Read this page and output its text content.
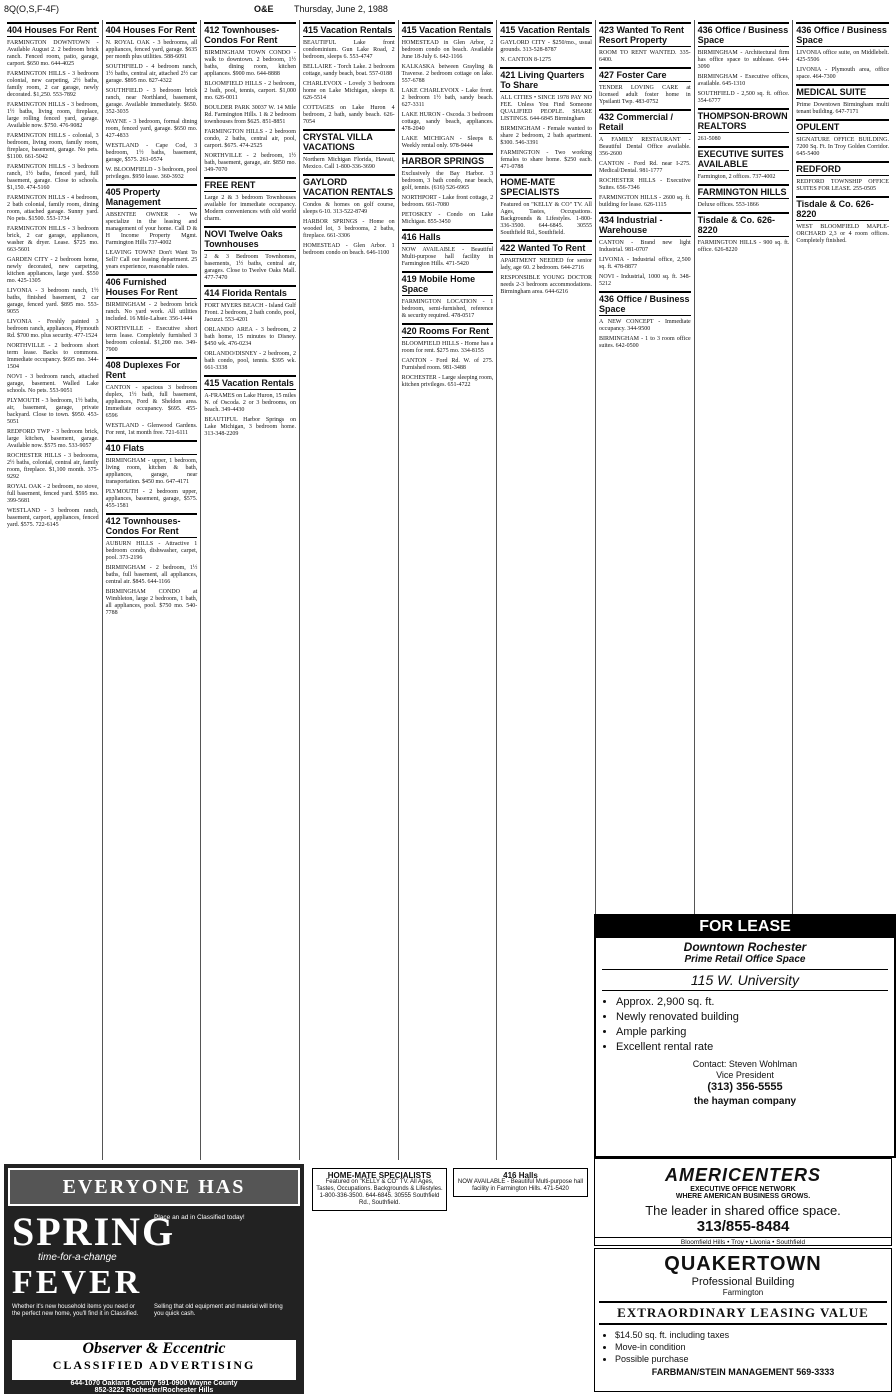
8Q(O,S,F-4F)	O&E Thursday, June 2, 1988
404 Houses For Rent
FARMINGTON DOWNTOWN - Available August 2. 2 bedroom brick ranch. Fenced room, patio, garage, carport. $650 mo. 644-4025
FARMINGTON HILLS - 3 bedroom colonial, new carpeting, 2½ baths, family room, 2 car garage, newly decorated. $1,250. 553-7892
FARMINGTON HILLS - 3 bedroom, 1½ baths, living room, fireplace, large rolling fenced yard, garage. Available now. $750. 476-9082
FARMINGTON HILLS - colonial, 3 bedroom, living room, family room, fireplace, basement, garage. No pets. $1100. 661-5042
FARMINGTON HILLS - 3 bedroom ranch, 1½ baths, fenced yard, full basement, garage. Close to schools. $1,150. 474-5160
FARMINGTON HILLS - 4 bedroom, 2 bath colonial, family room, dining room, attached garage. Sunny yard. No pets. $1500. 553-1734
FARMINGTON HILLS - 3 bedroom brick, 2 car garage, appliances, washer & dryer. Lease. $725 mo. 663-5601
GARDEN CITY - 2 bedroom home, newly decorated, new carpeting, kitchen appliances, large yard. $550 mo. 425-1305
LIVONIA - 3 bedroom ranch, 1½ baths, finished basement, 2 car garage, fenced yard. $895 mo. 553-9055
LIVONIA - Freshly painted 3 bedroom ranch, appliances, Plymouth Rd. $700 mo. plus security. 477-1524
NORTHVILLE - 2 bedroom short term lease. Backs to commons. Immediate occupancy. $695 mo. 344-1504
NOVI - 3 bedroom ranch, attached garage, basement. Walled Lake schools. No pets. 553-9051
PLYMOUTH - 3 bedroom, 1½ baths, air, basement, garage, private backyard. Close to town. $950. 453-5051
REDFORD TWP - 3 bedroom brick, large kitchen, basement, garage. Available now. $575 mo. 533-9057
ROCHESTER HILLS - 3 bedrooms, 2½ baths, colonial, central air, family room, fireplace. $1,100 month. 375-9292
ROYAL OAK - 2 bedroom, no stove, full basement, fenced yard. $595 mo. 399-5681
WESTLAND - 3 bedroom ranch, basement, carport, appliances, fenced yard. $575. 722-6145
404 Houses For Rent
N. ROYAL OAK - 3 bedrooms, all appliances, fenced yard, garage. $635 per month plus utilities. 588-6091
SOUTHFIELD - 4 bedroom ranch, 1½ baths, central air, attached 2½ car garage. $895 mo. 827-4322
SOUTHFIELD - 3 bedroom brick ranch, near Northland, basement, garage. Available immediately. $650. 352-3035
WAYNE - 3 bedroom, formal dining room, fenced yard, garage. $650 mo. 427-4833
WESTLAND - Cape Cod, 3 bedroom, 1½ baths, basement, garage, $575. 261-0574
W. BLOOMFIELD - 3 bedroom, pool privileges. $950 lease. 360-3932
405 Property Management
ABSENTEE OWNER - We specialize in the leasing and management of your home. Call D & H Income Property Mgmt. Farmington Hills 737-4002
LEAVING TOWN? Don't Want To Sell? Call our leasing department. 25 years experience, reasonable rates.
406 Furnished Houses For Rent
BIRMINGHAM - 2 bedroom brick ranch. No yard work. All utilities included. 16 Mile-Lahser. 356-1444
NORTHVILLE - Executive short term lease. Completely furnished 3 bedroom colonial. $1,200 mo. 349-7900
408 Duplexes For Rent
CANTON - spacious 3 bedroom duplex, 1½ bath, full basement, appliances, Ford & Sheldon area. Immediate occupancy. $695. 455-6596
WESTLAND - Glenwood Gardens. For rent, 1st month free. 721-6111
410 Flats
BIRMINGHAM - upper, 1 bedroom, living room, kitchen & bath, appliances, garage, near transportation. $450 mo. 647-4171
PLYMOUTH - 2 bedroom upper, appliances, basement, garage, $575. 455-1581
412 Townhouses-Condos For Rent
AUBURN HILLS - Attractive 1 bedroom condo, dishwasher, carpet, pool. 373-2196
BIRMINGHAM - 2 bedroom, 1½ baths, full basement, all appliances, central air. $845. 644-1166
BIRMINGHAM CONDO at Wimbleton, large 2 bedroom, 1 bath, all appliances, pool. $750 mo. 540-7788
412 Townhouses-Condos For Rent
BIRMINGHAM TOWN CONDO - walk to downtown. 2 bedroom, 1½ baths, dining room, kitchen appliances. $900 mo. 644-8888
BLOOMFIELD HILLS - 2 bedroom, 2 bath, pool, tennis, carport. $1,000 mo. 626-0011
BOULDER PARK 30037 W. 14 Mile Rd. Farmington Hills. 1 & 2 bedroom townhouses from $625. 851-8851
FARMINGTON HILLS - 2 bedroom condo, 2 baths, central air, pool, carport. $675. 474-2525
NORTHVILLE - 2 bedroom, 1½ bath, basement, garage, air. $850 mo. 349-7070
FREE RENT
Large 2 & 3 bedroom Townhouses available for immediate occupancy. Modern conveniences with old world charm.
NOVI Twelve Oaks Townhouses
2 & 3 Bedroom Townhomes, basements, 1½ baths, central air, garages. Close to Twelve Oaks Mall. 477-7470
414 Florida Rentals
FORT MYERS BEACH - Island Gulf Front. 2 bedroom, 2 bath condo, pool, Jacuzzi. 553-4201
ORLANDO AREA - 3 bedroom, 2 bath home, 15 minutes to Disney. $450 wk. 476-0234
ORLANDO/DISNEY - 2 bedroom, 2 bath condo, pool, tennis. $395 wk. 661-3338
415 Vacation Rentals
A-FRAMES on Lake Huron, 15 miles N. of Oscoda. 2 or 3 bedrooms, on beach. 349-4430
BEAUTIFUL Harbor Springs on Lake Michigan, 3 bedroom home. 313-348-2209
415 Vacation Rentals
BEAUTIFUL Lake front condominium. Gun Lake Road, 2 bedroom, sleeps 6. 553-4747
BELLAIRE - Torch Lake. 2 bedroom cottage, sandy beach, boat. 557-0188
CHARLEVOIX - Lovely 3 bedroom home on Lake Michigan, sleeps 8. 626-5514
COTTAGES on Lake Huron 4 bedroom, 2 bath, sandy beach. 626-7054
CRYSTAL VILLA VACATIONS
Northern Michigan Florida, Hawaii, Mexico. Call 1-800-336-3690
GAYLORD VACATION RENTALS
Condos & homes on golf course, sleeps 6-10. 313-522-8749
HARBOR SPRINGS - Home on wooded lot, 3 bedrooms, 2 baths, fireplace. 661-3306
HOMESTEAD - Glen Arbor. 1 bedroom condo on beach. 646-1100
415 Vacation Rentals
HOMESTEAD in Glen Arbor, 2 bedroom condo on beach. Available June 18-July 6. 642-1166
KALKASKA between Grayling & Traverse. 2 bedroom cottage on lake. 557-6788
LAKE CHARLEVOIX - Lake front. 2 bedroom 1½ bath, sandy beach. 627-3311
LAKE HURON - Oscoda. 3 bedroom cottage, sandy beach, appliances. 478-2040
LAKE MICHIGAN - Sleeps 8. Weekly rental only. 978-9444
HARBOR SPRINGS
Exclusively the Bay Harbor. 3 bedroom, 3 bath condo, near beach, golf, tennis. (616) 526-6965
NORTHPORT - Lake front cottage, 2 bedroom. 661-7080
PETOSKEY - Condo on Lake Michigan. 855-3450
416 Halls
NOW AVAILABLE - Beautiful Multi-purpose hall facility in Farmington Hills. 471-5420
419 Mobile Home Space
FARMINGTON LOCATION - 1 bedroom, semi-furnished, reference & security required. 478-0517
420 Rooms For Rent
BLOOMFIELD HILLS - Home has a room for rent. $275 mo. 334-8155
CANTON - Ford Rd. W. of 275. Furnished room. 981-3488
ROCHESTER - Large sleeping room, kitchen privileges. 651-4722
415 Vacation Rentals
GAYLORD CITY - $250/mo., usual grounds. 313-528-8787
N. CANTON 8-1275
421 Living Quarters To Share
ALL CITIES • SINCE 1978 PAY NO FEE. Unless You Find Someone QUALIFIED PEOPLE. SHARE LISTINGS. 644-6845 Birmingham
BIRMINGHAM - Female wanted to share 2 bedroom, 2 bath apartment. $300. 546-3391
FARMINGTON - Two working females to share home. $250 each. 471-0788
HOME-MATE SPECIALISTS
Featured on "KELLY & CO" TV. All Ages, Tastes, Occupations. Backgrounds & Lifestyles. 1-800-336-3500. 644-6845. 30555 Southfield Rd., Southfield.
422 Wanted To Rent
APARTMENT NEEDED for senior lady, age 60. 2 bedroom. 644-2716
RESPONSIBLE YOUNG DOCTOR needs 2-3 bedroom accommodations. Birmingham area. 644-6216
423 Wanted To Rent Resort Property
ROOM TO RENT WANTED. 335-6400.
427 Foster Care
TENDER LOVING CARE at licensed adult foster home in Ypsilanti Twp. 483-0752
432 Commercial / Retail
A FAMILY RESTAURANT - Beautiful Dental Office available. 356-2600
CANTON - Ford Rd. near I-275. Medical/Dental. 981-1777
ROCHESTER HILLS - Executive Suites. 656-7346
FARMINGTON HILLS - 2600 sq. ft. building for lease. 626-1115
434 Industrial - Warehouse
CANTON - Brand new light Industrial. 981-0707
LIVONIA - Industrial office, 2,500 sq. ft. 478-8877
NOVI - Industrial, 1000 sq. ft. 348-5212
436 Office / Business Space
A NEW CONCEPT - Immediate occupancy. 344-9500
BIRMINGHAM - 1 to 3 room office suites. 642-0500
436 Office / Business Space
BIRMINGHAM - Architectural firm has office space to sublease. 644-3090
BIRMINGHAM - Executive offices, available. 645-1310
SOUTHFIELD - 2,500 sq. ft. office. 354-6777
THOMPSON-BROWN REALTORS
261-5080
EXECUTIVE SUITES AVAILABLE
Farmington, 2 offices. 737-4002
FARMINGTON HILLS
Deluxe offices. 553-1866
Tisdale & Co. 626-8220
FARMINGTON HILLS - 900 sq. ft. office. 626-8220
436 Office / Business Space
LIVONIA office suite, on Middlebelt. 425-5506
LIVONIA - Plymouth area, office space. 464-7300
MEDICAL SUITE
Prime Downtown Birmingham multi tenant building. 647-7171
OPULENT
SIGNATURE OFFICE BUILDING. 7200 Sq. Ft. In Troy Golden Corridor. 645-5400
REDFORD
REDFORD TOWNSHIP OFFICE SUITES FOR LEASE. 255-0505
Tisdale & Co. 626-8220
WEST BLOOMFIELD MAPLE-ORCHARD 2,3 or 4 room offices. Completely finished.
EVERYONE HAS
SPRING
time-for-a-change
FEVER
Place an ad in Classified today!
Whether it's new household items you need or the perfect new home, you'll find it in Classified.
Selling that old equipment and material will bring you quick cash.
Observer & Eccentric
CLASSIFIED ADVERTISING
644-1070 Oakland County 591-0900 Wayne County
852-3222 Rochester/Rochester Hills
HOME-MATE SPECIALISTS
Featured on "KELLY & CO" TV. All Ages, Tastes, Occupations. Backgrounds & Lifestyles. 1-800-336-3500. 644-6845. 30555 Southfield Rd., Southfield.
416 Halls
NOW AVAILABLE - Beautiful Multi-purpose hall facility in Farmington Hills. 471-5420
FOR LEASE
Downtown Rochester
Prime Retail Office Space
115 W. University
• Approx. 2,900 sq. ft.
• Newly renovated building
• Ample parking
• Excellent rental rate
Contact: Steven Wohlman
Vice President
(313) 356-5555
the hayman company
AMERICENTERS
EXECUTIVE OFFICE NETWORK
WHERE AMERICAN BUSINESS GROWS.
The leader in shared office space.
313/855-8484
Bloomfield Hills • Troy • Livonia • Southfield
QUAKERTOWN
Professional Building
Farmington
EXTRAORDINARY LEASING VALUE
• $14.50 sq. ft. including taxes
• Move-in condition
• Possible purchase
FARBMAN/STEIN MANAGEMENT 569-3333
